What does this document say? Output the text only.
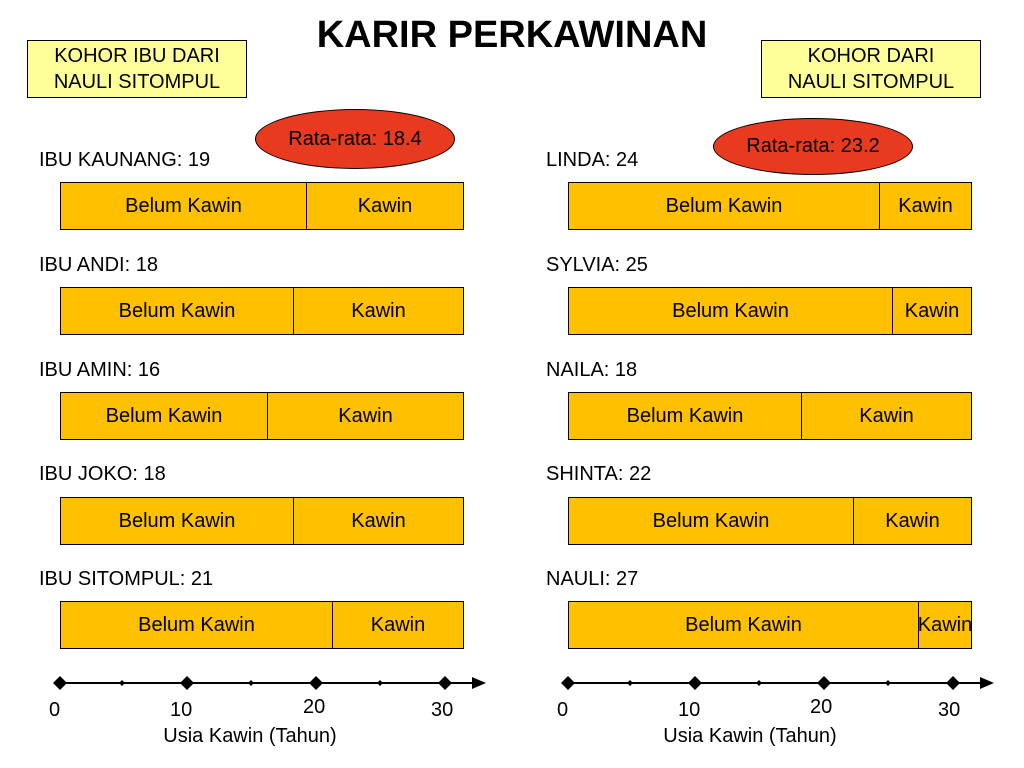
KARIR PERKAWINAN
KOHOR IBU DARI
NAULI SITOMPUL
Rata-rata: 18.4
IBU KAUNANG: 19
Belum Kawin	Kawin
IBU ANDI: 18
Belum Kawin	Kawin
IBU AMIN: 16
Belum Kawin	Kawin
IBU JOKO: 18
Belum Kawin	Kawin
IBU SITOMPUL: 21
Belum Kawin	Kawin
0	10	20	30
Usia Kawin (Tahun)
KOHOR DARI
NAULI SITOMPUL
Rata-rata: 23.2
LINDA: 24
Belum Kawin	Kawin
SYLVIA: 25
Belum Kawin	Kawin
NAILA: 18
Belum Kawin	Kawin
SHINTA: 22
Belum Kawin	Kawin
NAULI: 27
Belum Kawin	Kawin
0	10	20	30
Usia Kawin (Tahun)
